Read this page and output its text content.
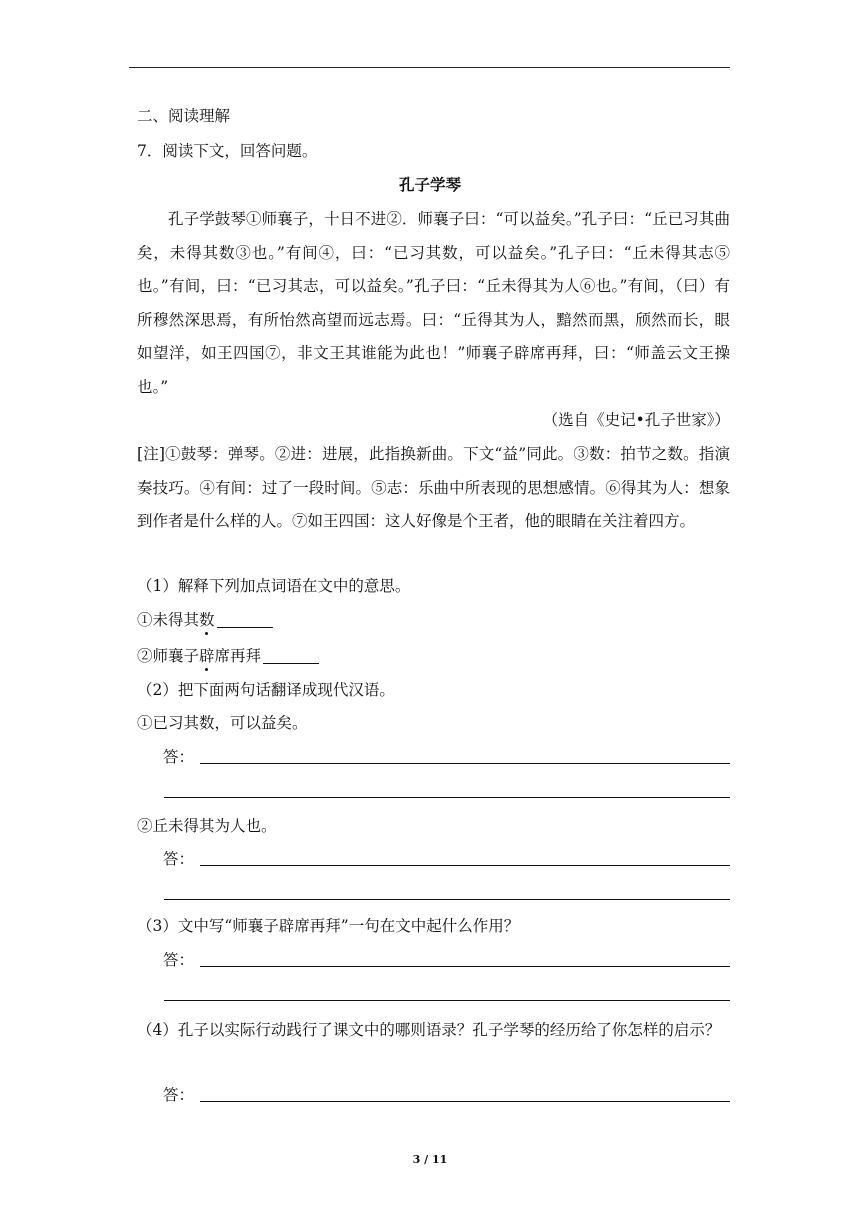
二、阅读理解
7．阅读下文，回答问题。
孔子学琴
孔子学鼓琴①师襄子，十日不进②．师襄子曰：“可以益矣。”孔子曰：“丘已习其曲矣，未得其数③也。”有间④，曰：“已习其数，可以益矣。”孔子曰：“丘未得其志⑤也。”有间，曰：“已习其志，可以益矣。”孔子曰：“丘未得其为人⑥也。”有间，（曰）有所穆然深思焉，有所怡然高望而远志焉。曰：“丘得其为人，黯然而黑，颀然而长，眼如望洋，如王四国⑦，非文王其谁能为此也！”师襄子辟席再拜，曰：“师盖云文王操也。”
（选自《史记•孔子世家》）
[注]①鼓琴：弹琴。②进：进展，此指换新曲。下文“益”同此。③数：拍节之数。指演奏技巧。④有间：过了一段时间。⑤志：乐曲中所表现的思想感情。⑥得其为人：想象到作者是什么样的人。⑦如王四国：这人好像是个王者，他的眼睛在关注着四方。
（1）解释下列加点词语在文中的意思。
①未得其数
②师襄子辟席再拜
（2）把下面两句话翻译成现代汉语。
①已习其数，可以益矣。
答：
②丘未得其为人也。
答：
（3）文中写“师襄子辟席再拜”一句在文中起什么作用？
答：
（4）孔子以实际行动践行了课文中的哪则语录？孔子学琴的经历给了你怎样的启示？
答：
3 / 11
